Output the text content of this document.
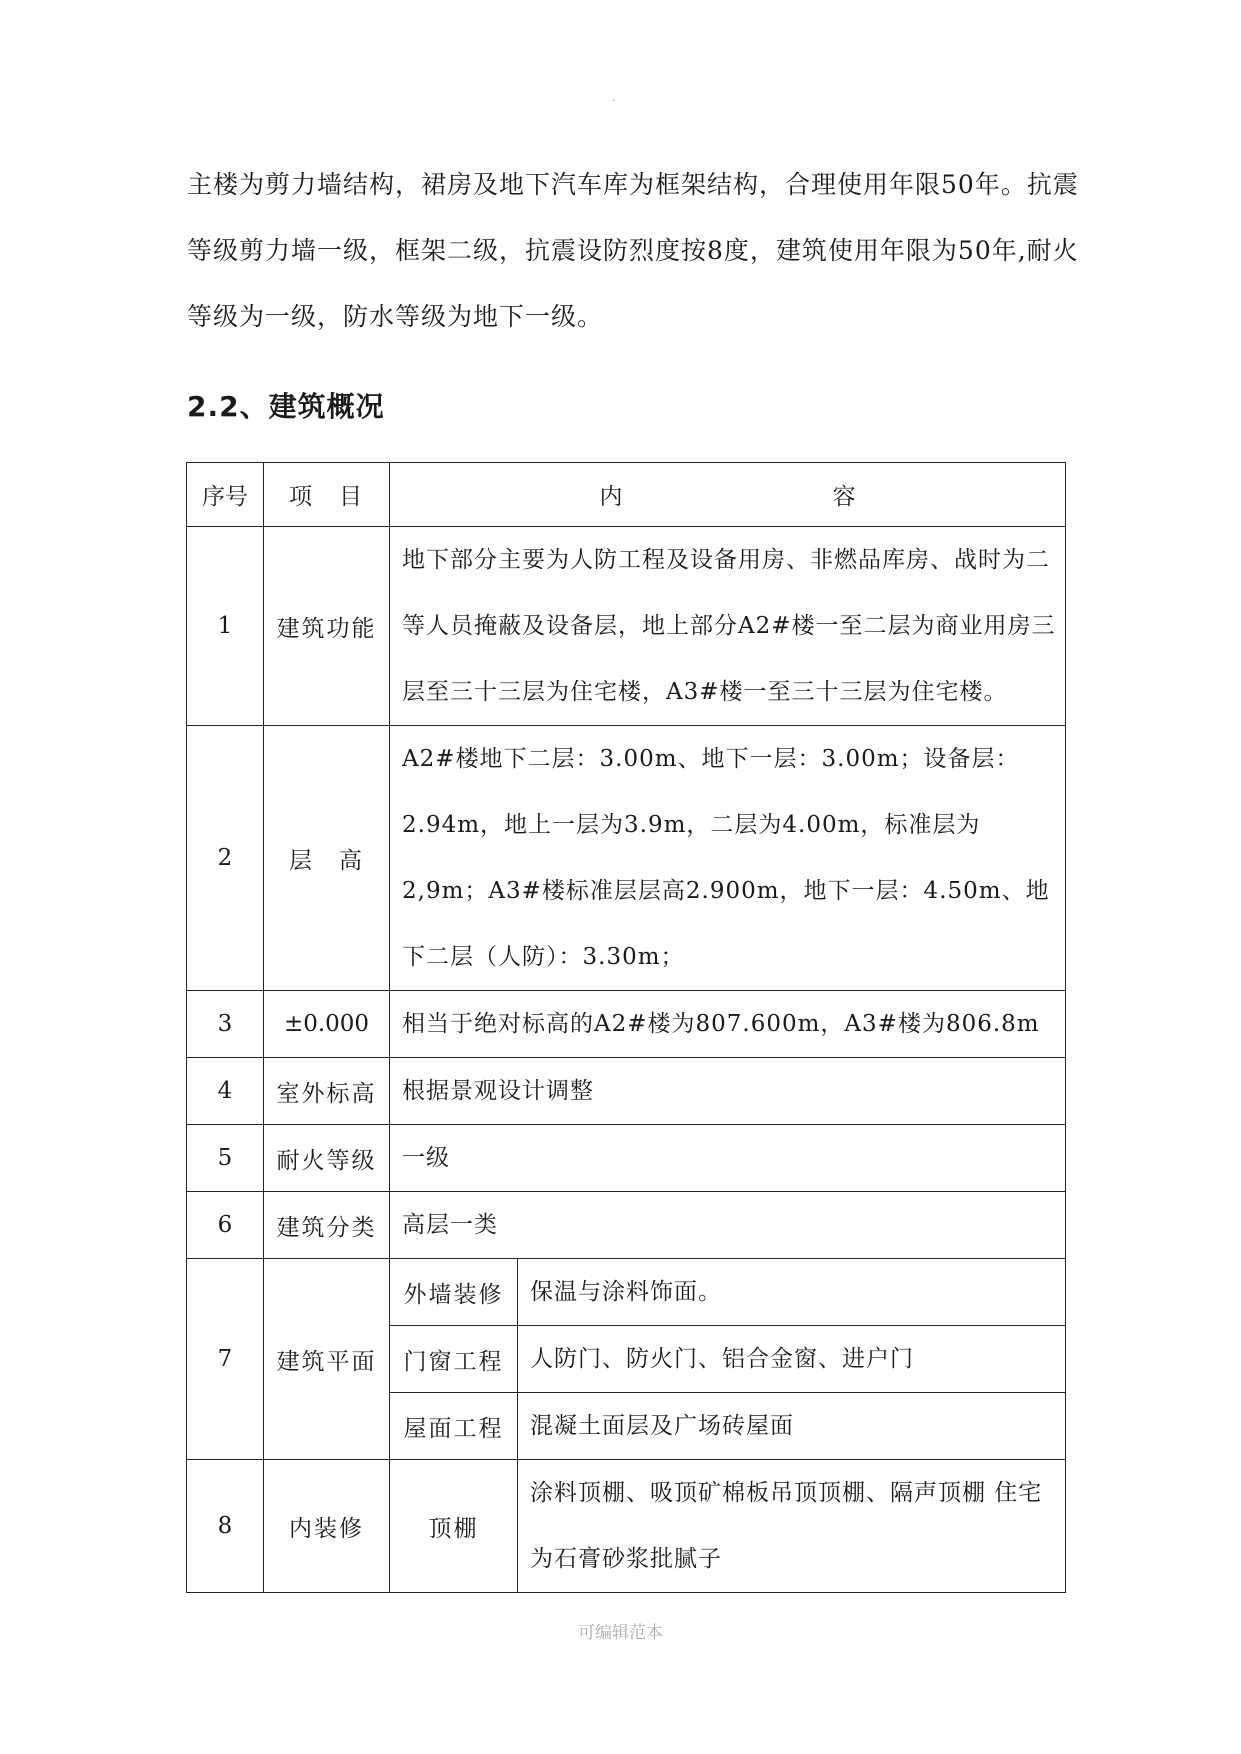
·

主楼为剪力墙结构，裙房及地下汽车库为框架结构，合理使用年限50年。抗震

等级剪力墙一级，框架二级，抗震设防烈度按8度，建筑使用年限为50年,耐火

等级为一级，防水等级为地下一级。

2.2、建筑概况
序号	项　目	内 容	
1	建筑功能	地下部分主要为人防工程及设备用房、非燃品库房、战时为二等人员掩蔽及设备层，地上部分A2#楼一至二层为商业用房三层至三十三层为住宅楼，A3#楼一至三十三层为住宅楼。	
2	层　高	A2#楼地下二层：3.00m、地下一层：3.00m；设备层：2.94m，地上一层为3.9m，二层为4.00m，标准层为2,9m；A3#楼标准层层高2.900m，地下一层：4.50m、地下二层（人防）：3.30m；	
3	±0.000	相当于绝对标高的A2#楼为807.600m，A3#楼为806.8m	
4	室外标高	根据景观设计调整	
5	耐火等级	一级	
6	建筑分类	高层一类	
7	建筑平面	外墙装修	保温与涂料饰面。
		门窗工程	人防门、防火门、铝合金窗、进户门
		屋面工程	混凝土面层及广场砖屋面
8	内装修	顶棚	涂料顶棚、吸顶矿棉板吊顶顶棚、隔声顶棚 住宅为石膏砂浆批腻子
可编辑范本
